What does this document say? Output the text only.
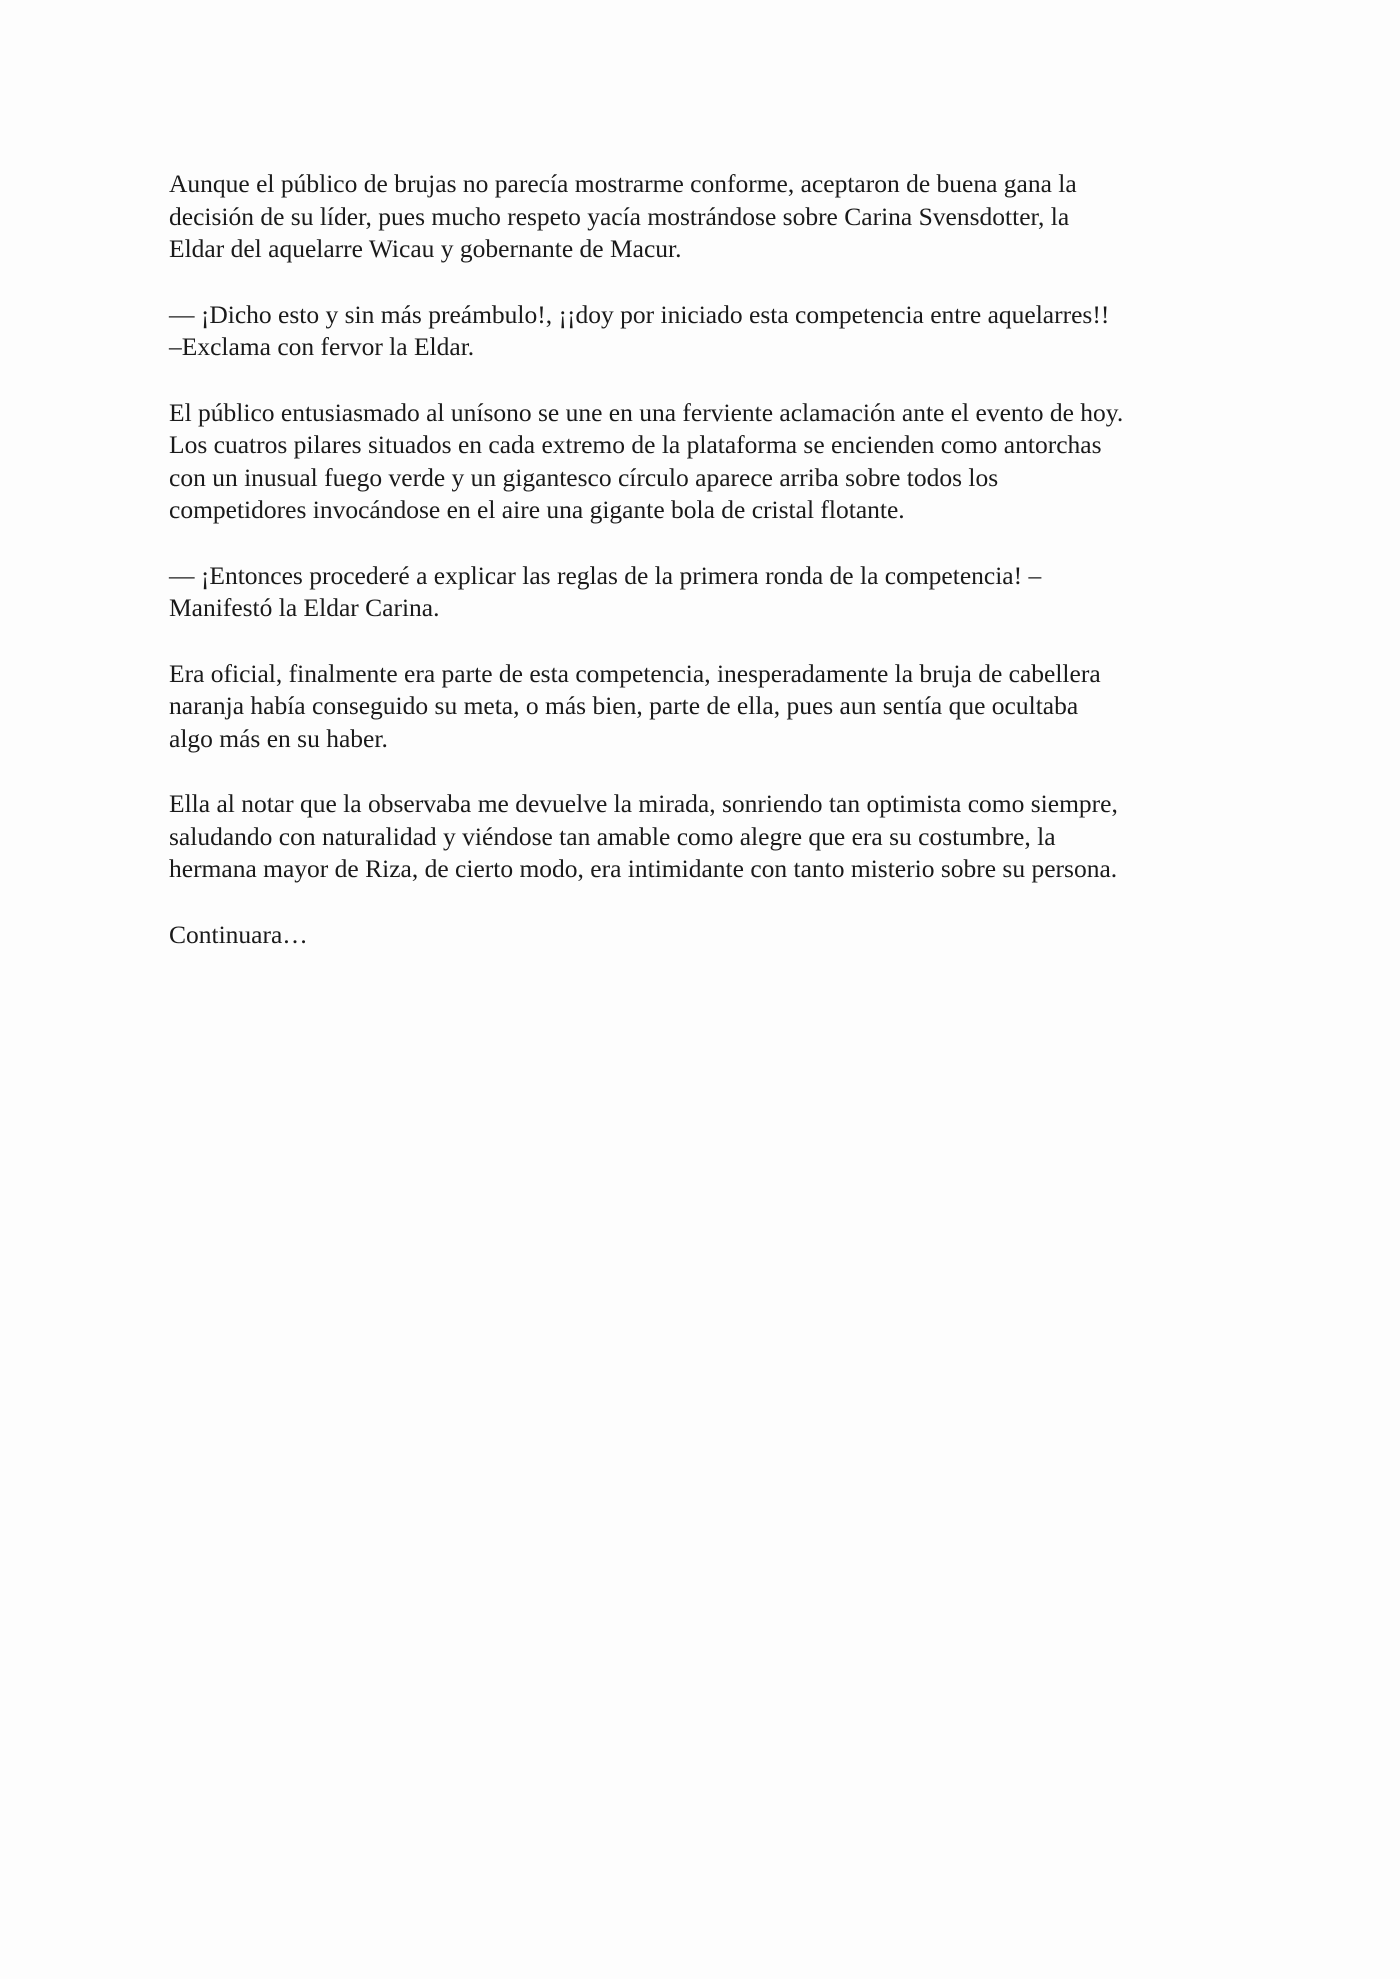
Aunque el público de brujas no parecía mostrarme conforme, aceptaron de buena gana la
decisión de su líder, pues mucho respeto yacía mostrándose sobre Carina Svensdotter, la
Eldar del aquelarre Wicau y gobernante de Macur.
— ¡Dicho esto y sin más preámbulo!, ¡¡doy por iniciado esta competencia entre aquelarres!!
–Exclama con fervor la Eldar.
El público entusiasmado al unísono se une en una ferviente aclamación ante el evento de hoy.
Los cuatros pilares situados en cada extremo de la plataforma se encienden como antorchas
con un inusual fuego verde y un gigantesco círculo aparece arriba sobre todos los
competidores invocándose en el aire una gigante bola de cristal flotante.
— ¡Entonces procederé a explicar las reglas de la primera ronda de la competencia! –
Manifestó la Eldar Carina.
Era oficial, finalmente era parte de esta competencia, inesperadamente la bruja de cabellera
naranja había conseguido su meta, o más bien, parte de ella, pues aun sentía que ocultaba
algo más en su haber.
Ella al notar que la observaba me devuelve la mirada, sonriendo tan optimista como siempre,
saludando con naturalidad y viéndose tan amable como alegre que era su costumbre, la
hermana mayor de Riza, de cierto modo, era intimidante con tanto misterio sobre su persona.
Continuara…
